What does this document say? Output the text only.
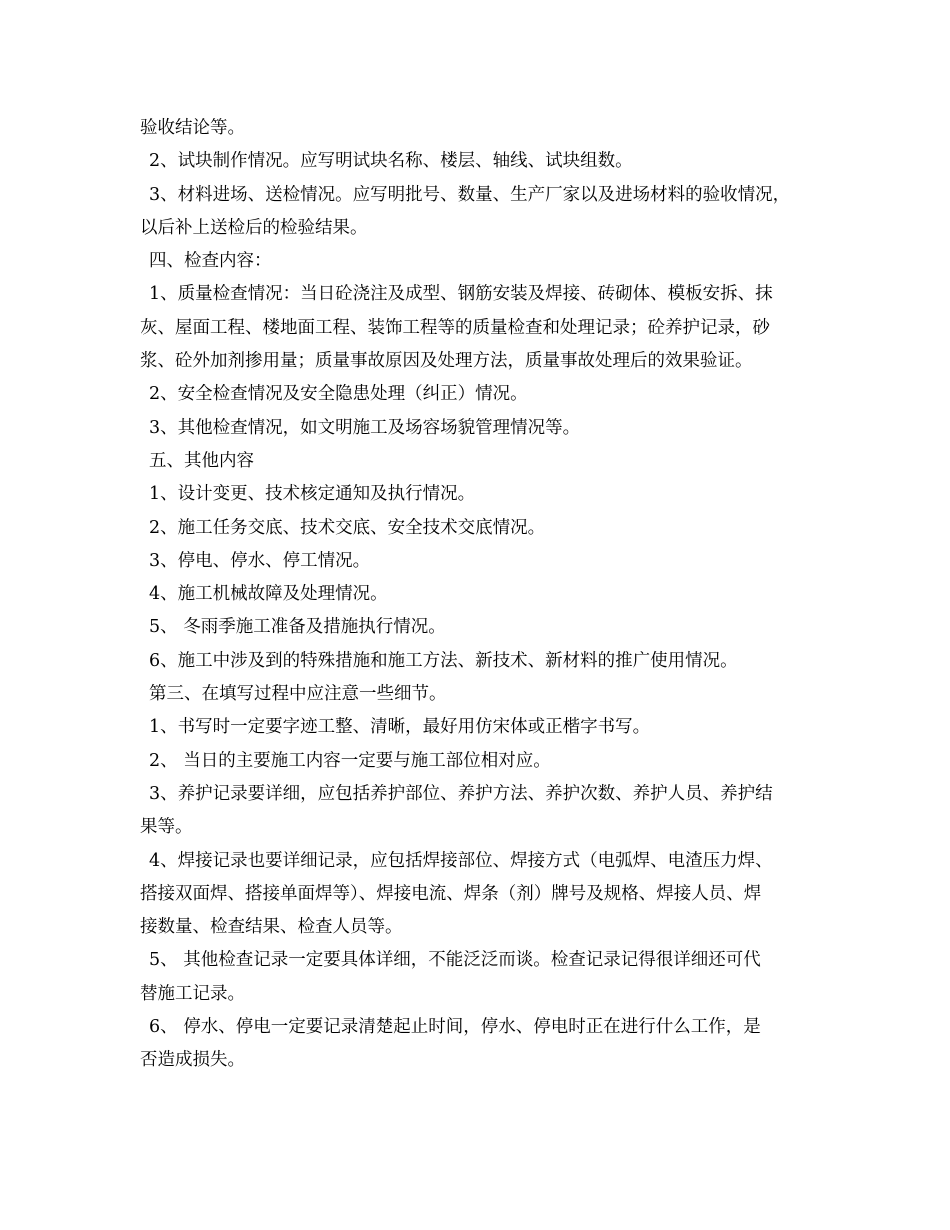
验收结论等。
2、试块制作情况。应写明试块名称、楼层、轴线、试块组数。
3、材料进场、送检情况。应写明批号、数量、生产厂家以及进场材料的验收情况，
以后补上送检后的检验结果。
四、检查内容：
1、质量检查情况：当日砼浇注及成型、钢筋安装及焊接、砖砌体、模板安拆、抹
灰、屋面工程、楼地面工程、装饰工程等的质量检查和处理记录；砼养护记录，砂
浆、砼外加剂掺用量；质量事故原因及处理方法，质量事故处理后的效果验证。
2、安全检查情况及安全隐患处理（纠正）情况。
3、其他检查情况，如文明施工及场容场貌管理情况等。
五、其他内容
1、设计变更、技术核定通知及执行情况。
2、施工任务交底、技术交底、安全技术交底情况。
3、停电、停水、停工情况。
4、施工机械故障及处理情况。
5、 冬雨季施工准备及措施执行情况。
6、施工中涉及到的特殊措施和施工方法、新技术、新材料的推广使用情况。
第三、在填写过程中应注意一些细节。
1、书写时一定要字迹工整、清晰，最好用仿宋体或正楷字书写。
2、 当日的主要施工内容一定要与施工部位相对应。
3、养护记录要详细，应包括养护部位、养护方法、养护次数、养护人员、养护结
果等。
4、焊接记录也要详细记录，应包括焊接部位、焊接方式（电弧焊、电渣压力焊、
搭接双面焊、搭接单面焊等）、焊接电流、焊条（剂）牌号及规格、焊接人员、焊
接数量、检查结果、检查人员等。
5、 其他检查记录一定要具体详细，不能泛泛而谈。检查记录记得很详细还可代
替施工记录。
6、 停水、停电一定要记录清楚起止时间，停水、停电时正在进行什么工作，是
否造成损失。
